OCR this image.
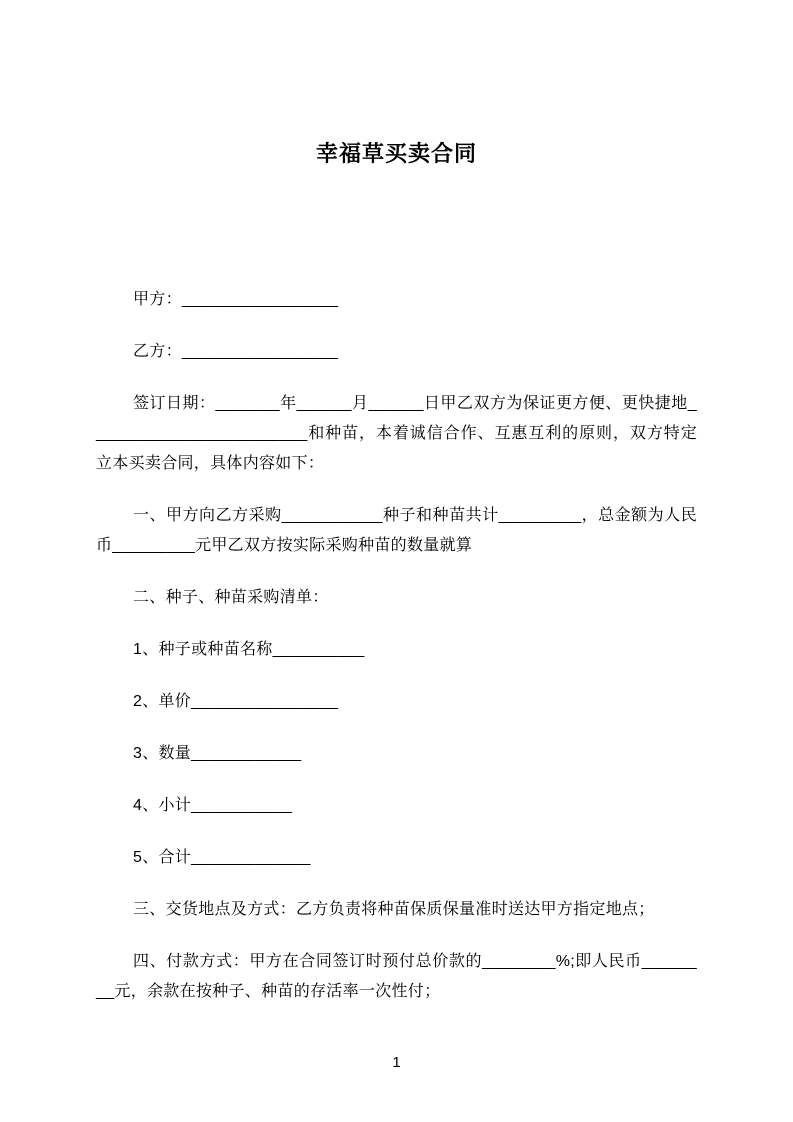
幸福草买卖合同

甲方：_________________

乙方：_________________

签订日期：_______年______月______日甲乙双方为保证更方便、更快捷地________________________和种苗，本着诚信合作、互惠互利的原则，双方特定立本买卖合同，具体内容如下：

一、甲方向乙方采购___________种子和种苗共计_________，总金额为人民币_________元甲乙双方按实际采购种苗的数量就算

二、种子、种苗采购清单：

1、种子或种苗名称__________

2、单价________________

3、数量____________

4、小计___________

5、合计_____________

三、交货地点及方式：乙方负责将种苗保质保量准时送达甲方指定地点；

四、付款方式：甲方在合同签订时预付总价款的________%;即人民币________元，余款在按种子、种苗的存活率一次性付；

1
